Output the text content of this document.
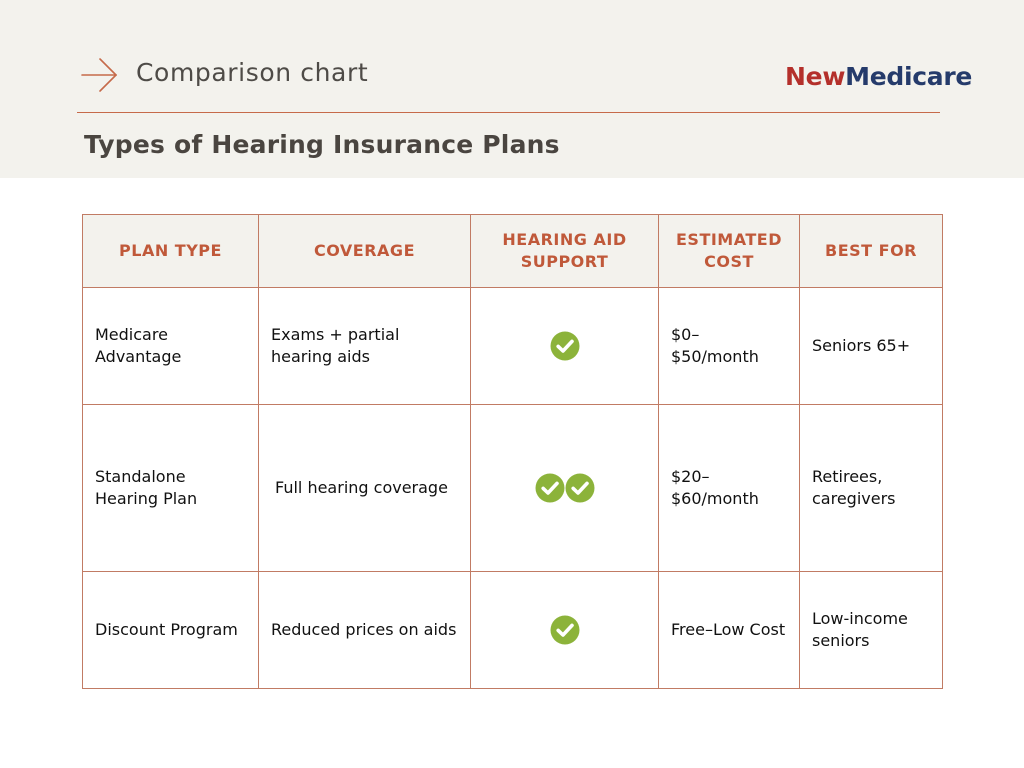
Comparison chart	NewMedicare
Types of Hearing Insurance Plans
PLAN TYPE	COVERAGE	HEARING AID SUPPORT	ESTIMATED COST	BEST FOR
Medicare Advantage	Exams + partial hearing aids		$0–$50/month	Seniors 65+
Standalone Hearing Plan	Full hearing coverage		$20–$60/month	Retirees, caregivers
Discount Program	Reduced prices on aids		Free–Low Cost	Low-income seniors
